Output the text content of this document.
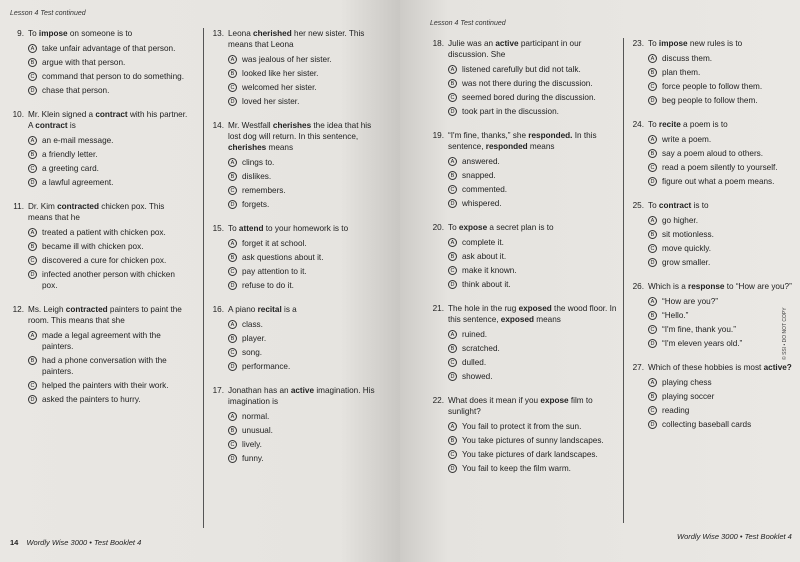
Lesson 4 Test continued
9. To impose on someone is to
A take unfair advantage of that person.
B argue with that person.
C command that person to do something.
D chase that person.
10. Mr. Klein signed a contract with his partner. A contract is
A an e-mail message.
B a friendly letter.
C a greeting card.
D a lawful agreement.
11. Dr. Kim contracted chicken pox. This means that he
A treated a patient with chicken pox.
B became ill with chicken pox.
C discovered a cure for chicken pox.
D infected another person with chicken pox.
12. Ms. Leigh contracted painters to paint the room. This means that she
A made a legal agreement with the painters.
B had a phone conversation with the painters.
C helped the painters with their work.
D asked the painters to hurry.
13. Leona cherished her new sister. This means that Leona
A was jealous of her sister.
B looked like her sister.
C welcomed her sister.
D loved her sister.
14. Mr. Westfall cherishes the idea that his lost dog will return. In this sentence, cherishes means
A clings to.
B dislikes.
C remembers.
D forgets.
15. To attend to your homework is to
A forget it at school.
B ask questions about it.
C pay attention to it.
D refuse to do it.
16. A piano recital is a
A class.
B player.
C song.
D performance.
17. Jonathan has an active imagination. His imagination is
A normal.
B unusual.
C lively.
D funny.
14 Wordly Wise 3000 • Test Booklet 4
Lesson 4 Test continued
© SSI • DO NOT COPY
18. Julie was an active participant in our discussion. She
A listened carefully but did not talk.
B was not there during the discussion.
C seemed bored during the discussion.
D took part in the discussion.
19. “I'm fine, thanks,” she responded. In this sentence, responded means
A answered.
B snapped.
C commented.
D whispered.
20. To expose a secret plan is to
A complete it.
B ask about it.
C make it known.
D think about it.
21. The hole in the rug exposed the wood floor. In this sentence, exposed means
A ruined.
B scratched.
C dulled.
D showed.
22. What does it mean if you expose film to sunlight?
A You fail to protect it from the sun.
B You take pictures of sunny landscapes.
C You take pictures of dark landscapes.
D You fail to keep the film warm.
23. To impose new rules is to
A discuss them.
B plan them.
C force people to follow them.
D beg people to follow them.
24. To recite a poem is to
A write a poem.
B say a poem aloud to others.
C read a poem silently to yourself.
D figure out what a poem means.
25. To contract is to
A go higher.
B sit motionless.
C move quickly.
D grow smaller.
26. Which is a response to “How are you?”
A “How are you?”
B “Hello.”
C “I'm fine, thank you.”
D “I'm eleven years old.”
27. Which of these hobbies is most active?
A playing chess
B playing soccer
C reading
D collecting baseball cards
Wordly Wise 3000 • Test Booklet 4
